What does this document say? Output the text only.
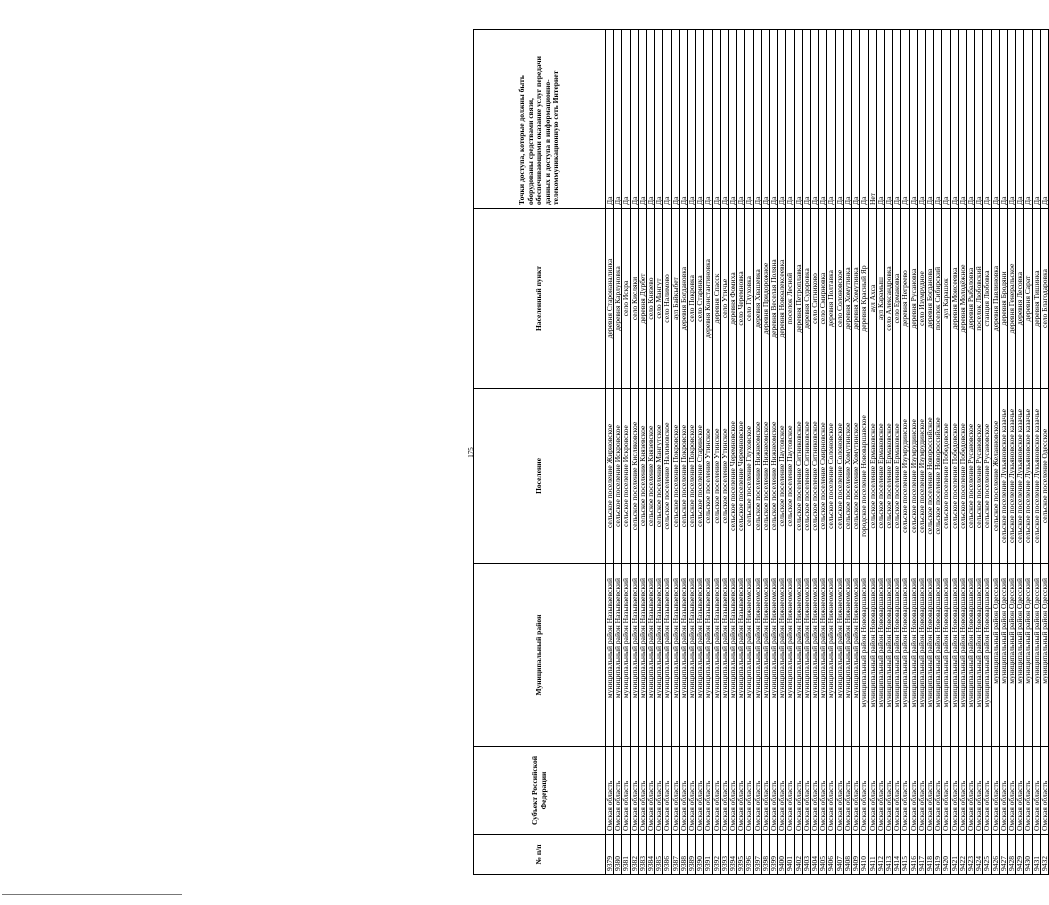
175
№ п/п	Субъект Российской Федерации	Муниципальный район	Поселение	Населенный пункт	Точки доступа, которые должны быть оборудованы средствами связи, обеспечивающими оказание услуг передачи данных и доступа в информационно-телекоммуникационную сеть Интернет
9379	Омская область	муниципальный район Называевский	сельское поселение Жирновское	деревня Старонаналинка	Да
9380	Омская область	муниципальный район Называевский	сельское поселение Искровское	деревня Карлуновка	Да
9381	Омская область	муниципальный район Называевский	сельское поселение Искровское	село Искра	Да
9382	Омская область	муниципальный район Называевский	сельское поселение Кисляковское	село Кисляки	Да
9383	Омская область	муниципальный район Называевский	сельское поселение Князевское	деревня Дурбет	Да
9384	Омская область	муниципальный район Называевский	сельское поселение Князевское	село Князево	Да
9385	Омская область	муниципальный район Называевский	сельское поселение Мангутское	село Мангут	Да
9386	Омская область	муниципальный район Называевский	сельское поселение Налимовское	село Налимово	Да
9387	Омская область	муниципальный район Называевский	сельское поселение Покровское	аул Байкыбет	Да
9388	Омская область	муниципальный район Называевский	сельское поселение Покровское	деревня Богдановка	Да
9389	Омская область	муниципальный район Называевский	сельское поселение Покровское	село Покровка	Да
9390	Омская область	муниципальный район Называевский	сельское поселение Старинское	село Старинка	Да
9391	Омская область	муниципальный район Называевский	сельское поселение Утинское	деревня Константиновка	Да
9392	Омская область	муниципальный район Называевский	сельское поселение Утинское	деревня Спасск	Да
9393	Омская область	муниципальный район Называевский	сельское поселение Утинское	село Утичье	Да
9394	Омская область	муниципальный район Называевский	сельское поселение Черемновское	деревня Фомиха	Да
9395	Омская область	муниципальный район Называевский	сельское поселение Черемновское	село Черемновка	Да
9396	Омская область	муниципальный район Нижнеомский	сельское поселение Глуховское	село Глуховка	Да
9397	Омская область	муниципальный район Нижнеомский	сельское поселение Нижнеомское	деревня Хвашевка	Да
9398	Омская область	муниципальный район Нижнеомский	сельское поселение Нижнеомское	деревня Придорожное	Да
9399	Омская область	муниципальный район Нижнеомский	сельское поселение Нижнеомское	деревня Веселая Поляна	Да
9400	Омская область	муниципальный район Нижнеомский	сельское поселение Паутовское	деревня Новоалексеевка	Да
9401	Омская область	муниципальный район Нижнеомский	сельское поселение Паутовское	поселок Лесной	Да
9402	Омская область	муниципальный район Нижнеомский	сельское поселение Ситниковское	деревня Петроплавка	Да
9403	Омская область	муниципальный район Нижнеомский	сельское поселение Ситниковское	деревня Судоровка	Да
9404	Омская область	муниципальный район Нижнеомский	сельское поселение Ситниковское	село Ситниково	Да
9405	Омская область	муниципальный район Нижнеомский	сельское поселение Смирновское	село Смирновка	Да
9406	Омская область	муниципальный район Нижнеомский	сельское поселение Солоновское	деревня Полтавка	Да
9407	Омская область	муниципальный район Нижнеомский	сельское поселение Солоновское	село Солоновское	Да
9408	Омская область	муниципальный район Нижнеомский	сельское поселение Хомутинское	деревня Хомутинка	Да
9409	Омская область	муниципальный район Нижнеомский	сельское поселение Хомутинское	деревня Хомутинка	Да
9410	Омская область	муниципальный район Нововаршавский	городское поселение Нововаршавское	деревня Красный Яр	Да
9411	Омская область	муниципальный район Нововаршавский	сельское поселение Ермаковское	аул Ахса	Нет
9412	Омская область	муниципальный район Нововаршавский	сельское поселение Ермаковское	аул Карамыш	Да
9413	Омская область	муниципальный район Нововаршавский	сельское поселение Ермаковское	село Александровка	Да
9414	Омская область	муниципальный район Нововаршавский	сельское поселение Ермаковское	село Ермаковка	Да
9415	Омская область	муниципальный район Нововаршавский	сельское поселение Изумрудинское	деревня Негреево	Да
9416	Омская область	муниципальный район Нововаршавский	сельское поселение Изумрудинское	деревня Русановка	Да
9417	Омская область	муниципальный район Нововаршавский	сельское поселение Изумрудинское	село Изумрудное	Да
9418	Омская область	муниципальный район Нововаршавский	сельское поселение Новороссийское	деревня Богданова	Да
9419	Омская область	муниципальный район Нововаршавский	сельское поселение Новороссийское	поселок Сибирский	Да
9420	Омская область	муниципальный район Нововаршавский	сельское поселение Победовское	аул Карашок	Да
9421	Омская область	муниципальный район Нововаршавский	сельское поселение Победовское	деревня Моисеевка	Да
9422	Омская область	муниципальный район Нововаршавский	сельское поселение Победовское	деревня Молодёжное	Да
9423	Омская область	муниципальный район Нововаршавский	сельское поселение Русановское	деревня Рыбаловка	Да
9424	Омская область	муниципальный район Нововаршавский	сельское поселение Русановское	поселок Любовский	Да
9425	Омская область	муниципальный район Нововаршавский	сельское поселение Русановское	станция Любовка	Да
9426	Омская область	муниципальный район Одесский	сельское поселение Желанновское	деревня Павлиновка	Да
9427	Омская область	муниципальный район Одесский	сельское поселение Лукьяновское казачье	деревня Бродяни	Да
9428	Омская область	муниципальный район Одесский	сельское поселение Лукьяновское казачье	деревня Генеральское	Да
9429	Омская область	муниципальный район Одесский	сельское поселение Лукьяновское казачье	деревня Лесовка	Да
9430	Омская область	муниципальный район Одесский	сельское поселение Лукьяновское казачье	деревня Сарат	Да
9431	Омская область	муниципальный район Одесский	сельское поселение Лукьяновское казачье	деревня Тишинка	Да
9432	Омская область	муниципальный район Одесский	сельское поселение Одесское	село Благодаровка	Да
